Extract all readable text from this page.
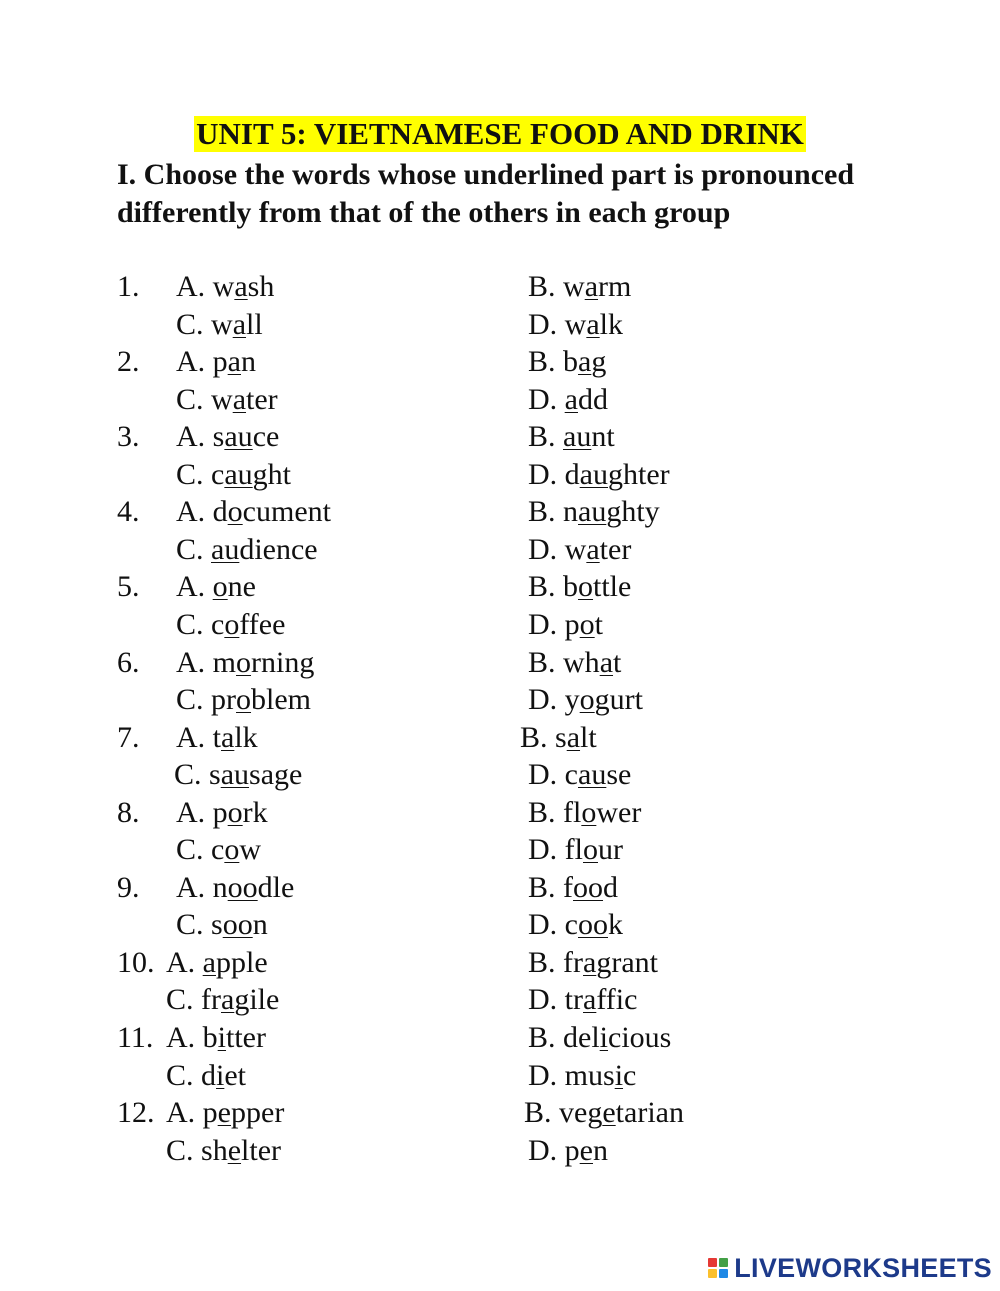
UNIT 5: VIETNAMESE FOOD AND DRINK
I. Choose the words whose underlined part is pronounced differently from that of the others in each group
1. A. wash	B. warm
C. wall	D. walk
2. A. pan	B. bag
C. water	D. add
3. A. sauce	B. aunt
C. caught	D. daughter
4. A. document	B. naughty
C. audience	D. water
5. A. one	B. bottle
C. coffee	D. pot
6. A. morning	B. what
C. problem	D. yogurt
7. A. talk	B. salt
C. sausage	D. cause
8. A. pork	B. flower
C. cow	D. flour
9. A. noodle	B. food
C. soon	D. cook
10. A. apple	B. fragrant
C. fragile	D. traffic
11. A. bitter	B. delicious
C. diet	D. music
12. A. pepper	B. vegetarian
C. shelter	D. pen
LIVEWORKSHEETS
